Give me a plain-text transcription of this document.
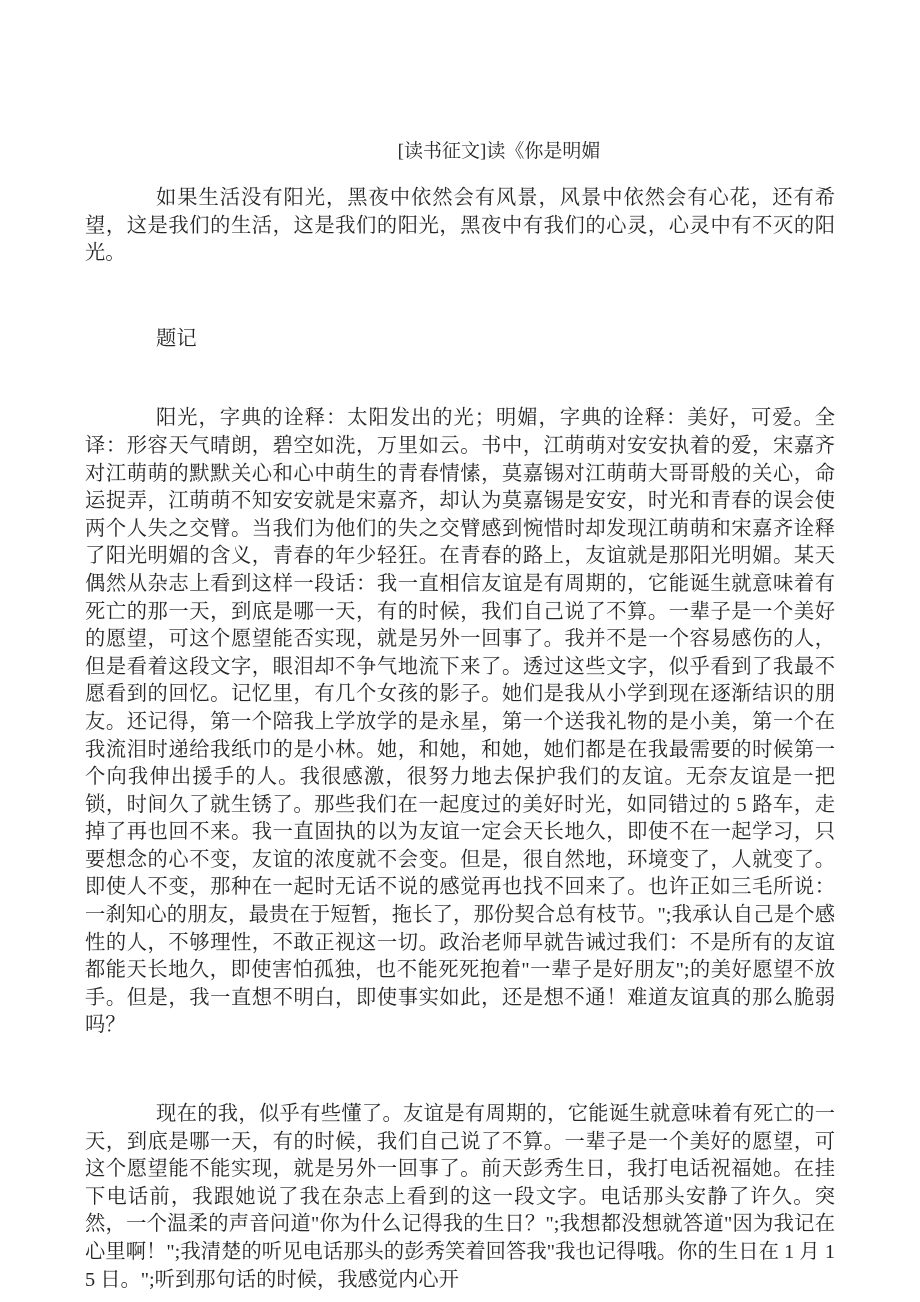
[读书征文]读《你是明媚

如果生活没有阳光，黑夜中依然会有风景，风景中依然会有心花，还有希望，这是我们的生活，这是我们的阳光，黑夜中有我们的心灵，心灵中有不灭的阳光。

题记

阳光，字典的诠释：太阳发出的光；明媚，字典的诠释：美好，可爱。全译：形容天气晴朗，碧空如洗，万里如云。书中，江萌萌对安安执着的爱，宋嘉齐对江萌萌的默默关心和心中萌生的青春情愫，莫嘉锡对江萌萌大哥哥般的关心，命运捉弄，江萌萌不知安安就是宋嘉齐，却认为莫嘉锡是安安，时光和青春的误会使两个人失之交臂。当我们为他们的失之交臂感到惋惜时却发现江萌萌和宋嘉齐诠释了阳光明媚的含义，青春的年少轻狂。在青春的路上，友谊就是那阳光明媚。某天偶然从杂志上看到这样一段话：我一直相信友谊是有周期的，它能诞生就意味着有死亡的那一天，到底是哪一天，有的时候，我们自己说了不算。一辈子是一个美好的愿望，可这个愿望能否实现，就是另外一回事了。我并不是一个容易感伤的人，但是看着这段文字，眼泪却不争气地流下来了。透过这些文字，似乎看到了我最不愿看到的回忆。记忆里，有几个女孩的影子。她们是我从小学到现在逐渐结识的朋友。还记得，第一个陪我上学放学的是永星，第一个送我礼物的是小美，第一个在我流泪时递给我纸巾的是小林。她，和她，和她，她们都是在我最需要的时候第一个向我伸出援手的人。我很感激，很努力地去保护我们的友谊。无奈友谊是一把锁，时间久了就生锈了。那些我们在一起度过的美好时光，如同错过的 5 路车，走掉了再也回不来。我一直固执的以为友谊一定会天长地久，即使不在一起学习，只要想念的心不变，友谊的浓度就不会变。但是，很自然地，环境变了，人就变了。即使人不变，那种在一起时无话不说的感觉再也找不回来了。也许正如三毛所说：一刹知心的朋友，最贵在于短暂，拖长了，那份契合总有枝节。";我承认自己是个感性的人，不够理性，不敢正视这一切。政治老师早就告诫过我们：不是所有的友谊都能天长地久，即使害怕孤独，也不能死死抱着"一辈子是好朋友";的美好愿望不放手。但是，我一直想不明白，即使事实如此，还是想不通！难道友谊真的那么脆弱吗？

现在的我，似乎有些懂了。友谊是有周期的，它能诞生就意味着有死亡的一天，到底是哪一天，有的时候，我们自己说了不算。一辈子是一个美好的愿望，可这个愿望能不能实现，就是另外一回事了。前天彭秀生日，我打电话祝福她。在挂下电话前，我跟她说了我在杂志上看到的这一段文字。电话那头安静了许久。突然，一个温柔的声音问道"你为什么记得我的生日？";我想都没想就答道"因为我记在心里啊！";我清楚的听见电话那头的彭秀笑着回答我"我也记得哦。你的生日在 1 月 15 日。";听到那句话的时候，我感觉内心开
